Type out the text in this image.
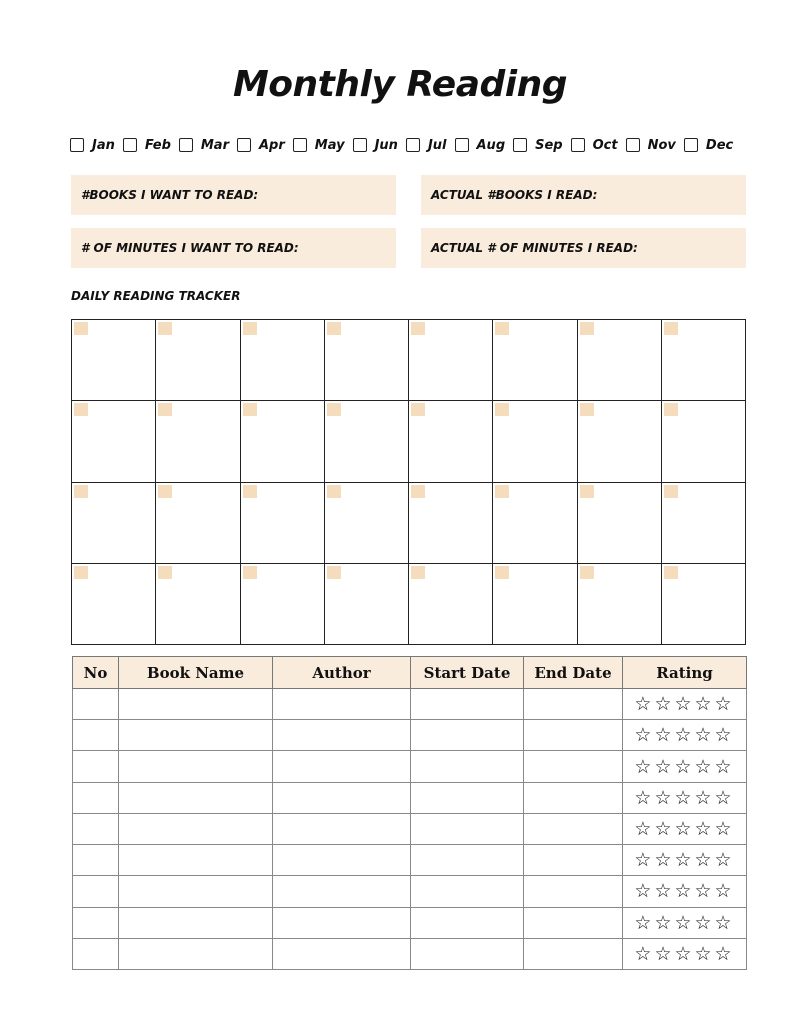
Monthly Reading
Jan Feb Mar Apr May Jun Jul Aug Sep Oct Nov Dec
#BOOKS I WANT TO READ:	ACTUAL #BOOKS I READ:
# OF MINUTES I WANT TO READ:	ACTUAL # OF MINUTES I READ:
DAILY READING TRACKER
No	Book Name	Author	Start Date	End Date	Rating
					☆☆☆☆☆
					☆☆☆☆☆
					☆☆☆☆☆
					☆☆☆☆☆
					☆☆☆☆☆
					☆☆☆☆☆
					☆☆☆☆☆
					☆☆☆☆☆
					☆☆☆☆☆
